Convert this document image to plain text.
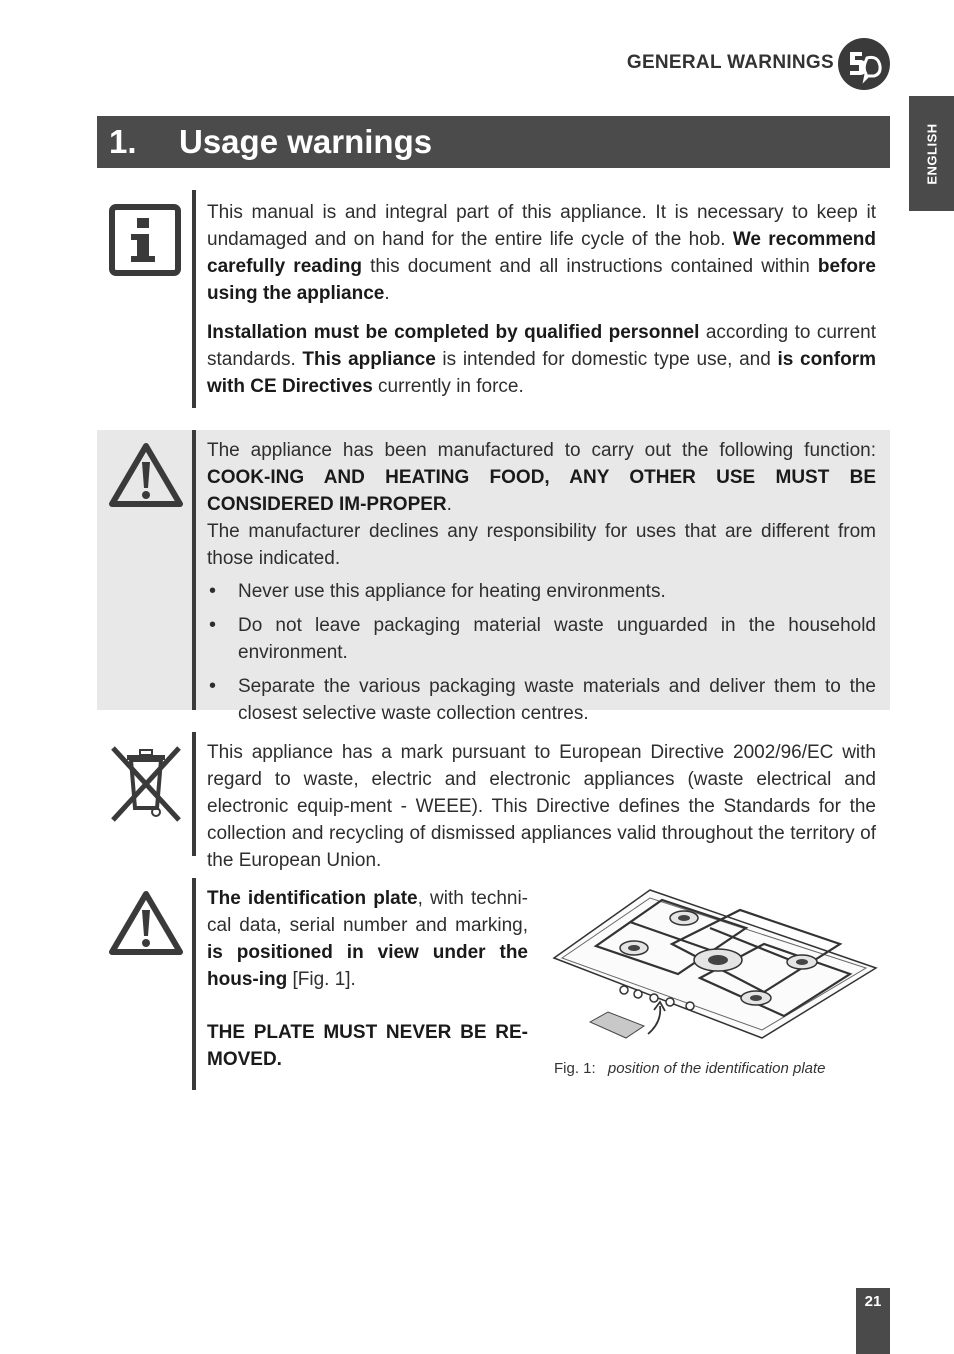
GENERAL WARNINGS
ENGLISH
1. Usage warnings

This manual is and integral part of this appliance. It is necessary to keep it undamaged and on hand for the entire life cycle of the hob. We recommend carefully reading this document and all instructions contained within before using the appliance.

Installation must be completed by qualified personnel according to current standards. This appliance is intended for domestic type use, and is conform with CE Directives currently in force.

The appliance has been manufactured to carry out the following function: COOK-ING AND HEATING FOOD, ANY OTHER USE MUST BE CONSIDERED IM-PROPER.
The manufacturer declines any responsibility for uses that are different from those indicated.
• Never use this appliance for heating environments.
• Do not leave packaging material waste unguarded in the household environment.
• Separate the various packaging waste materials and deliver them to the closest selective waste collection centres.
This appliance has a mark pursuant to European Directive 2002/96/EC with regard to waste, electric and electronic appliances (waste electrical and electronic equip-ment - WEEE). This Directive defines the Standards for the collection and recycling of dismissed appliances valid throughout the territory of the European Union.

The identification plate, with techni-cal data, serial number and marking, is positioned in view under the hous-ing [Fig. 1].

THE PLATE MUST NEVER BE RE-MOVED.	Fig. 1: position of the identification plate
21
